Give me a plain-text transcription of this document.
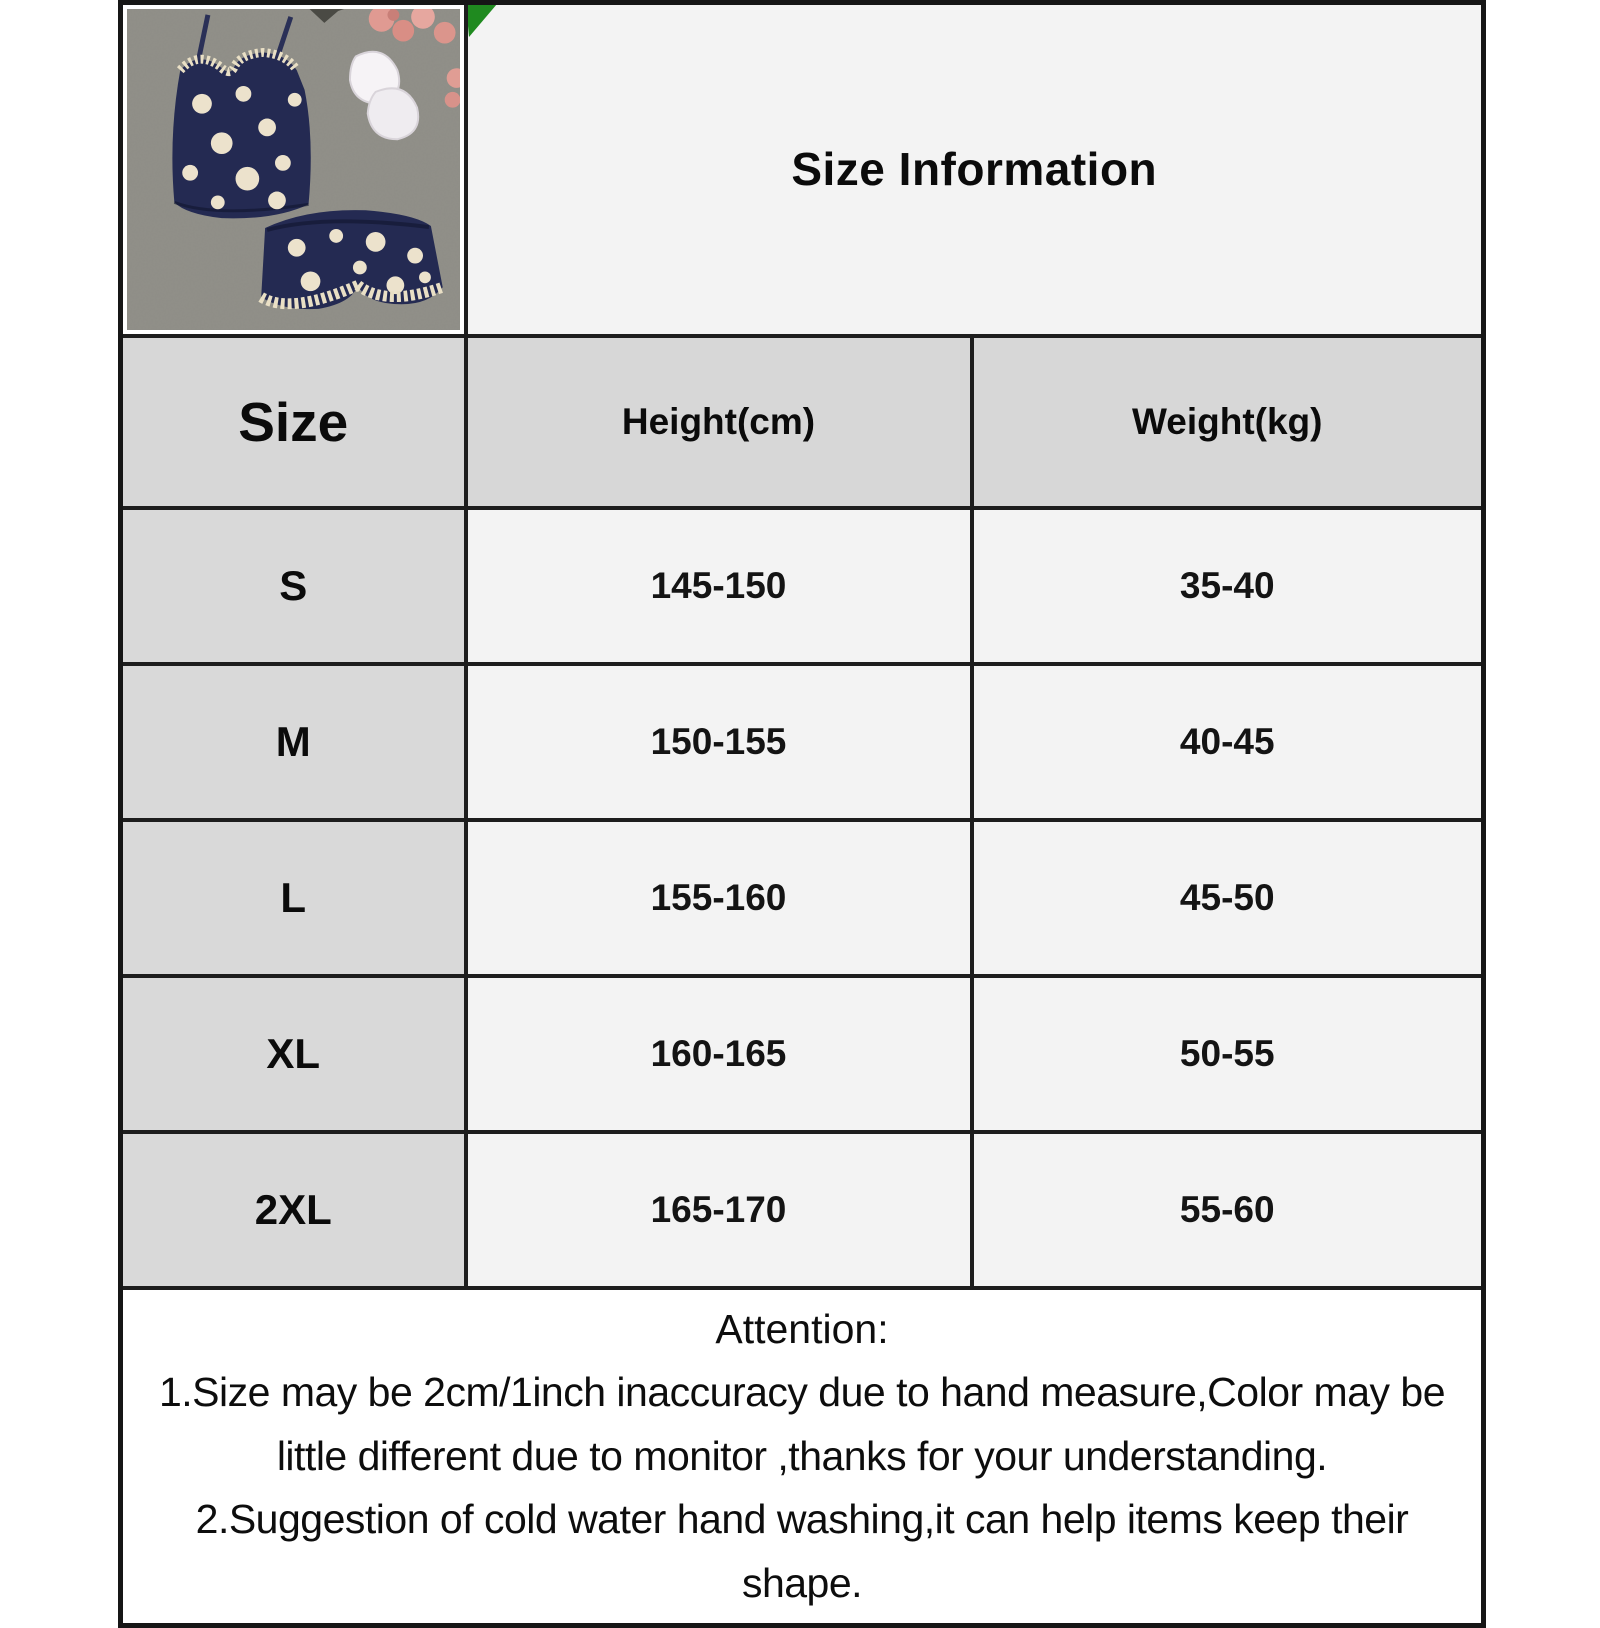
Size Information	

Size	Height(cm)	Weight(kg)
S	145-150	35-40
M	150-155	40-45
L	155-160	45-50
XL	160-165	50-55
2XL	165-170	55-60

Attention:
1.Size may be 2cm/1inch inaccuracy due to hand measure,Color may be little different due to monitor ,thanks for your understanding.
2.Suggestion of cold water hand washing,it can help items keep their shape.		
